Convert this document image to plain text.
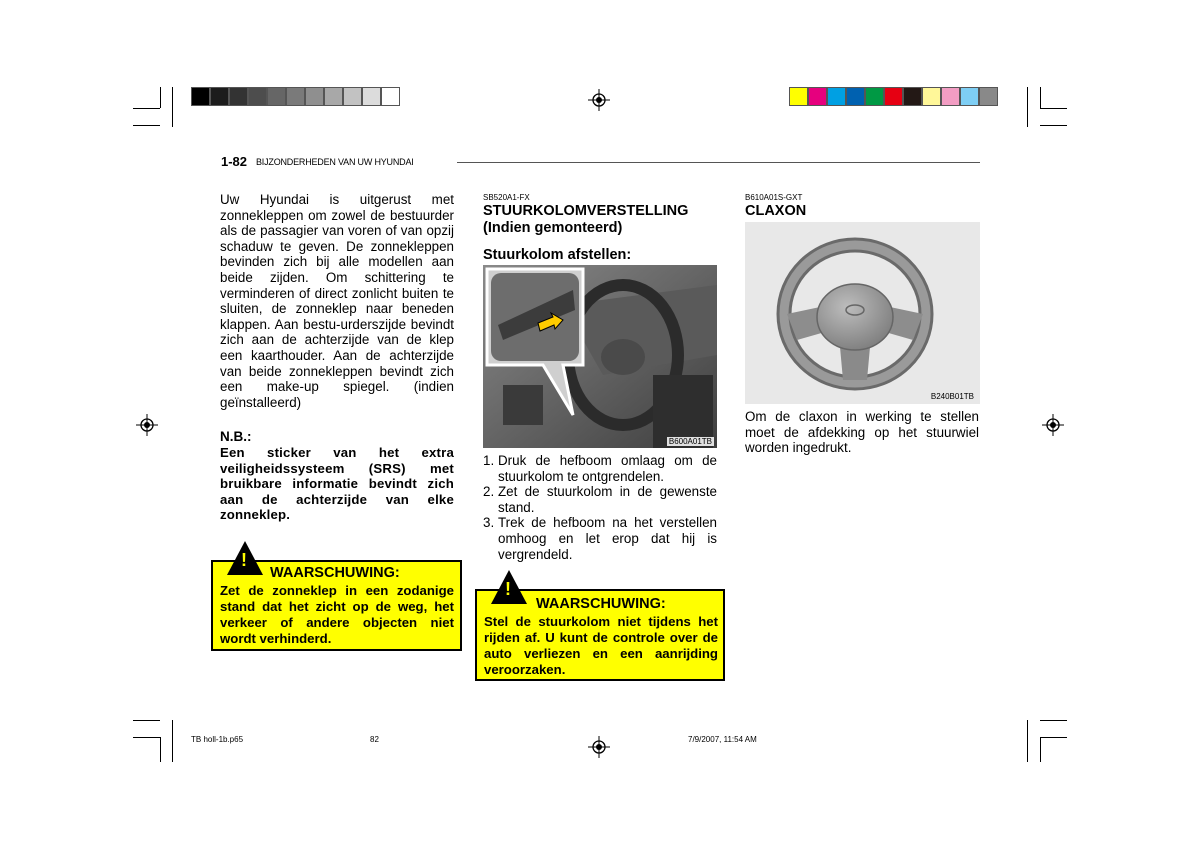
1-82 BIJZONDERHEDEN VAN UW HYUNDAI
Uw Hyundai is uitgerust met zonnekleppen om zowel de bestuurder als de passagier van voren of van opzij schaduw te geven. De zonnekleppen bevinden zich bij alle modellen aan beide zijden. Om schittering te verminderen of direct zonlicht buiten te sluiten, de zonneklep naar beneden klappen. Aan bestu-urderszijde bevindt zich aan de achterzijde van de klep een kaarthouder. Aan de achterzijde van beide zonnekleppen bevindt zich een make-up spiegel. (indien geïnstalleerd)
N.B.:
Een sticker van het extra veiligheidssysteem (SRS) met bruikbare informatie bevindt zich aan de achterzijde van elke zonneklep.
!
WAARSCHUWING:
Zet de zonneklep in een zodanige stand dat het zicht op de weg, het verkeer of andere objecten niet wordt verhinderd.
SB520A1-FX
STUURKOLOMVERSTELLING
(Indien gemonteerd)
Stuurkolom afstellen:
B600A01TB
1. Druk de hefboom omlaag om de stuurkolom te ontgrendelen.
2. Zet de stuurkolom in de gewenste stand.
3. Trek de hefboom na het verstellen omhoog en let erop dat hij is vergrendeld.
!
WAARSCHUWING:
Stel de stuurkolom niet tijdens het rijden af. U kunt de controle over de auto verliezen en een aanrijding veroorzaken.
B610A01S-GXT
CLAXON
B240B01TB
Om de claxon in werking te stellen moet de afdekking op het stuurwiel worden ingedrukt.
TB holl-1b.p65	82	7/9/2007, 11:54 AM
